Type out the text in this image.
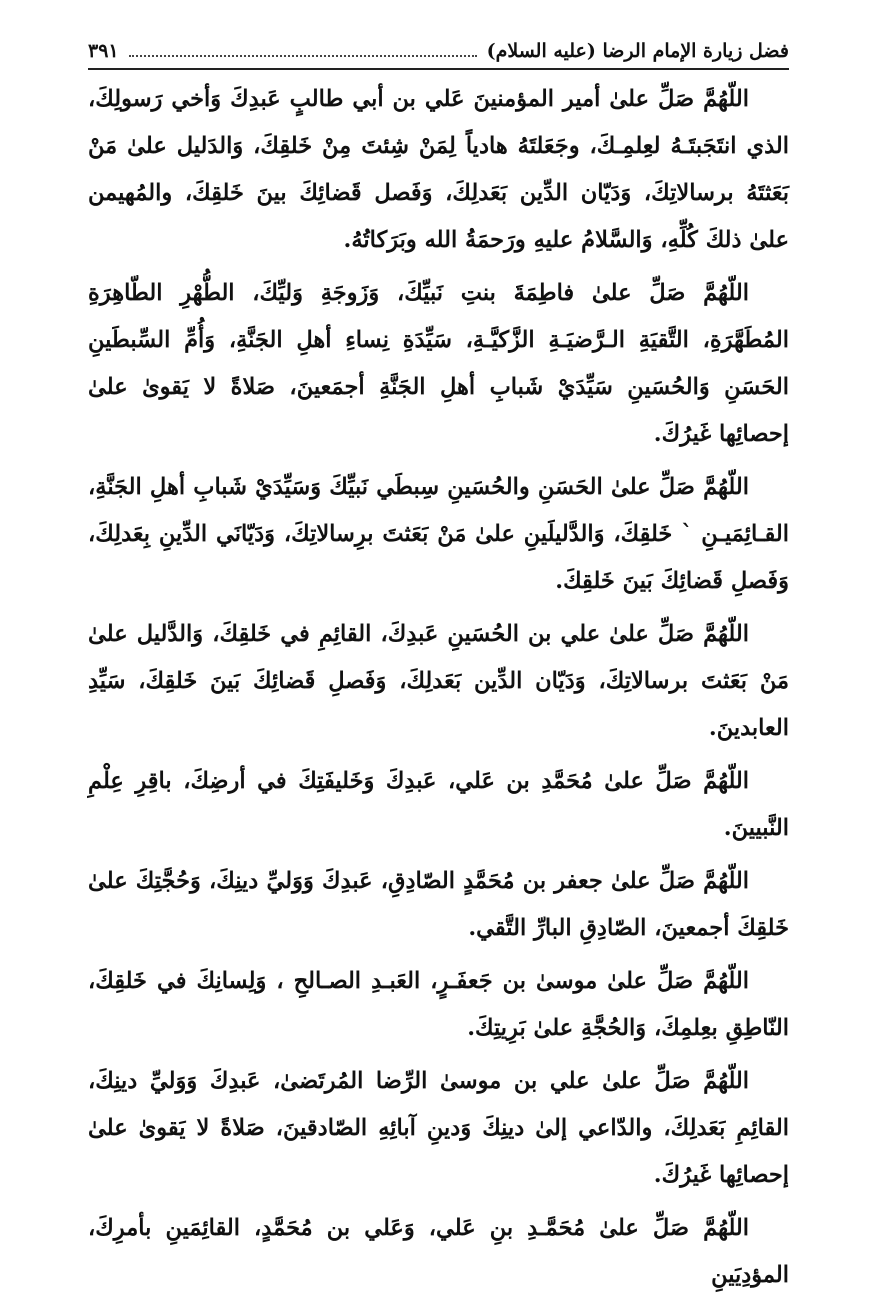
فضل زيارة الإمام الرضا (عليه السلام)
٣٩١

اللّهُمَّ صَلِّ علىٰ أمير المؤمنينَ عَلي بن أبي طالبٍ عَبدِكَ وَأخي رَسولِكَ، الذي انتَجَبتَـهُ لعِلمِـكَ، وجَعَلتَهُ هادياً لِمَنْ شِئتَ مِنْ خَلقِكَ، وَالدَليل علىٰ مَنْ بَعَثتَهُ برسالاتِكَ، وَدَيّان الدِّين بَعَدلِكَ، وَفَصل قَضائِكَ بينَ خَلقِكَ، والمُهيمن علىٰ ذلكَ كُلِّهِ، وَالسَّلامُ عليهِ ورَحمَةُ الله وبَرَكاتُهُ.

اللّهُمَّ صَلِّ علىٰ فاطِمَةَ بنتِ نَبيِّكَ، وَزَوجَةِ وَليِّكَ، الطُّهْرِ الطّاهِرَةِ المُطَهَّرَةِ، التَّقيَةِ الـرَّضيَـةِ الزَّكيَّـةِ، سَيِّدَةِ نِساءِ أهلِ الجَنَّةِ، وَأُمِّ السِّبطَينِ الحَسَنِ وَالحُسَينِ سَيِّدَيْ شَبابِ أهلِ الجَنَّةِ أجمَعينَ، صَلاةً لا يَقوىٰ علىٰ إحصائِها غَيرُكَ.

اللّهُمَّ صَلِّ علىٰ الحَسَنِ والحُسَينِ سِبطَي نَبيِّكَ وَسَيِّدَيْ شَبابِ أهلِ الجَنَّةِ، القـائِمَيـنِ ` خَلقِكَ، وَالدَّليلَينِ علىٰ مَنْ بَعَثتَ برِسالاتِكَ، وَدَيّانَي الدِّينِ بِعَدلِكَ، وَفَصلِ قَضائِكَ بَينَ خَلقِكَ.

اللّهُمَّ صَلِّ علىٰ علي بن الحُسَينِ عَبدِكَ، القائِمِ في خَلقِكَ، وَالدَّليل علىٰ مَنْ بَعَثتَ برسالاتِكَ، وَدَيّان الدِّين بَعَدلِكَ، وَفَصلِ قَضائِكَ بَينَ خَلقِكَ، سَيِّدِ العابدينَ.

اللّهُمَّ صَلِّ علىٰ مُحَمَّدِ بن عَلي، عَبدِكَ وَخَليفَتِكَ في أرضِكَ، باقِرِ عِلْمِ النَّبيينَ.

اللّهُمَّ صَلِّ علىٰ جعفر بن مُحَمَّدٍ الصّادِقِ، عَبدِكَ وَوَليِّ دينِكَ، وَحُجَّتِكَ علىٰ خَلقِكَ أجمعينَ، الصّادِقِ البارِّ التَّقي.

اللّهُمَّ صَلِّ علىٰ موسىٰ بن جَعفَـرٍ، العَبـدِ الصـالحِ ، وَلِسانِكَ في خَلقِكَ، النّاطِقِ بعِلمِكَ، وَالحُجَّةِ علىٰ بَرِيتِكَ.

اللّهُمَّ صَلِّ علىٰ علي بن موسىٰ الرِّضا المُرتَضىٰ، عَبدِكَ وَوَليِّ دينِكَ، القائِمِ بَعَدلِكَ، والدّاعي إلىٰ دينِكَ وَدينِ آبائِهِ الصّادقينَ، صَلاةً لا يَقوىٰ علىٰ إحصائِها غَيرُكَ.

اللّهُمَّ صَلِّ علىٰ مُحَمَّـدِ بنِ عَلي، وَعَلي بن مُحَمَّدٍ، القائِمَينِ بأمرِكَ، المؤدِيَينِ
